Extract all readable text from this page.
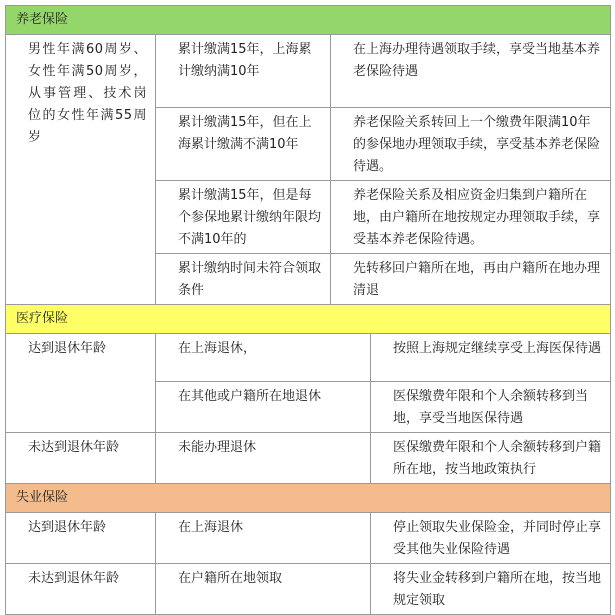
养老保险			
男性年满60周岁、女性年满50周岁，从事管理、技术岗位的女性年满55周岁	累计缴满15年，上海累计缴纳满10年	在上海办理待遇领取手续，享受当地基本养老保险待遇	
	累计缴满15年，但在上海累计缴满不满10年	养老保险关系转回上一个缴费年限满10年的参保地办理领取手续，享受基本养老保险待遇。	
	累计缴满15年，但是每个参保地累计缴纳年限均不满10年的	养老保险关系及相应资金归集到户籍所在地，由户籍所在地按规定办理领取手续，享受基本养老保险待遇。	
	累计缴纳时间未符合领取条件	先转移回户籍所在地，再由户籍所在地办理清退	
医疗保险			
达到退休年龄	在上海退休，		按照上海规定继续享受上海医保待遇
	在其他或户籍所在地退休		医保缴费年限和个人余额转移到当地，享受当地医保待遇
未达到退休年龄	未能办理退休		医保缴费年限和个人余额转移到户籍所在地，按当地政策执行
失业保险			
达到退休年龄	在上海退休		停止领取失业保险金，并同时停止享受其他失业保险待遇
未达到退休年龄	在户籍所在地领取		将失业金转移到户籍所在地，按当地规定领取
